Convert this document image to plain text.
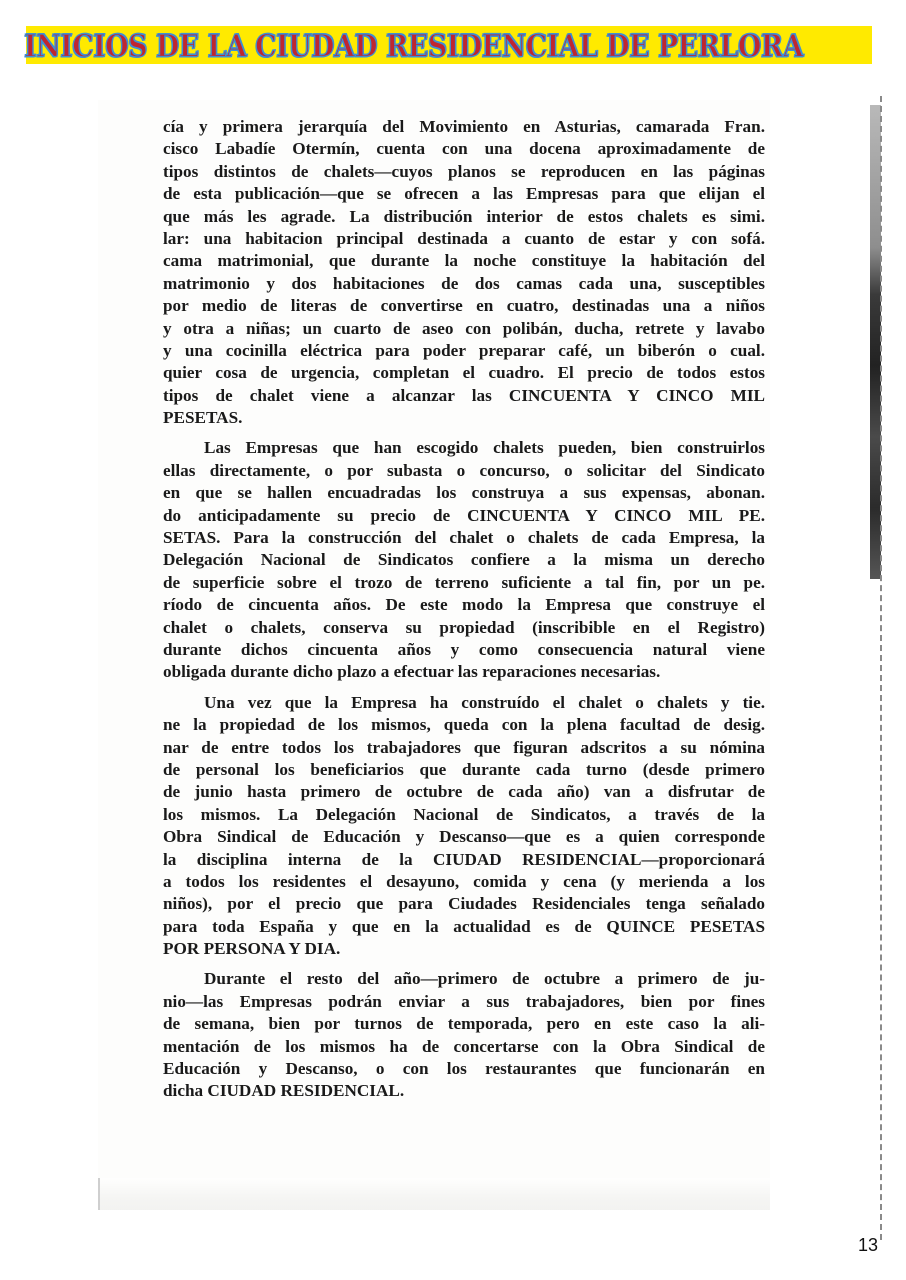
INICIOS DE LA CIUDAD RESIDENCIAL DE PERLORA
cía y primera jerarquía del Movimiento en Asturias, camarada Fran.
cisco Labadíe Otermín, cuenta con una docena aproximadamente de
tipos distintos de chalets—cuyos planos se reproducen en las páginas
de esta publicación—que se ofrecen a las Empresas para que elijan el
que más les agrade. La distribución interior de estos chalets es simi.
lar: una habitacion principal destinada a cuanto de estar y con sofá.
cama matrimonial, que durante la noche constituye la habitación del
matrimonio y dos habitaciones de dos camas cada una, susceptibles
por medio de literas de convertirse en cuatro, destinadas una a niños
y otra a niñas; un cuarto de aseo con polibán, ducha, retrete y lavabo
y una cocinilla eléctrica para poder preparar café, un biberón o cual.
quier cosa de urgencia, completan el cuadro. El precio de todos estos
tipos de chalet viene a alcanzar las CINCUENTA Y CINCO MIL
PESETAS.
Las Empresas que han escogido chalets pueden, bien construirlos
ellas directamente, o por subasta o concurso, o solicitar del Sindicato
en que se hallen encuadradas los construya a sus expensas, abonan.
do anticipadamente su precio de CINCUENTA Y CINCO MIL PE.
SETAS. Para la construcción del chalet o chalets de cada Empresa, la
Delegación Nacional de Sindicatos confiere a la misma un derecho
de superficie sobre el trozo de terreno suficiente a tal fin, por un pe.
ríodo de cincuenta años. De este modo la Empresa que construye el
chalet o chalets, conserva su propiedad (inscribible en el Registro)
durante dichos cincuenta años y como consecuencia natural viene
obligada durante dicho plazo a efectuar las reparaciones necesarias.
Una vez que la Empresa ha construído el chalet o chalets y tie.
ne la propiedad de los mismos, queda con la plena facultad de desig.
nar de entre todos los trabajadores que figuran adscritos a su nómina
de personal los beneficiarios que durante cada turno (desde primero
de junio hasta primero de octubre de cada año) van a disfrutar de
los mismos. La Delegación Nacional de Sindicatos, a través de la
Obra Sindical de Educación y Descanso—que es a quien corresponde
la disciplina interna de la CIUDAD RESIDENCIAL—proporcionará
a todos los residentes el desayuno, comida y cena (y merienda a los
niños), por el precio que para Ciudades Residenciales tenga señalado
para toda España y que en la actualidad es de QUINCE PESETAS
POR PERSONA Y DIA.
Durante el resto del año—primero de octubre a primero de ju-
nio—las Empresas podrán enviar a sus trabajadores, bien por fines
de semana, bien por turnos de temporada, pero en este caso la ali-
mentación de los mismos ha de concertarse con la Obra Sindical de
Educación y Descanso, o con los restaurantes que funcionarán en
dicha CIUDAD RESIDENCIAL.
13
